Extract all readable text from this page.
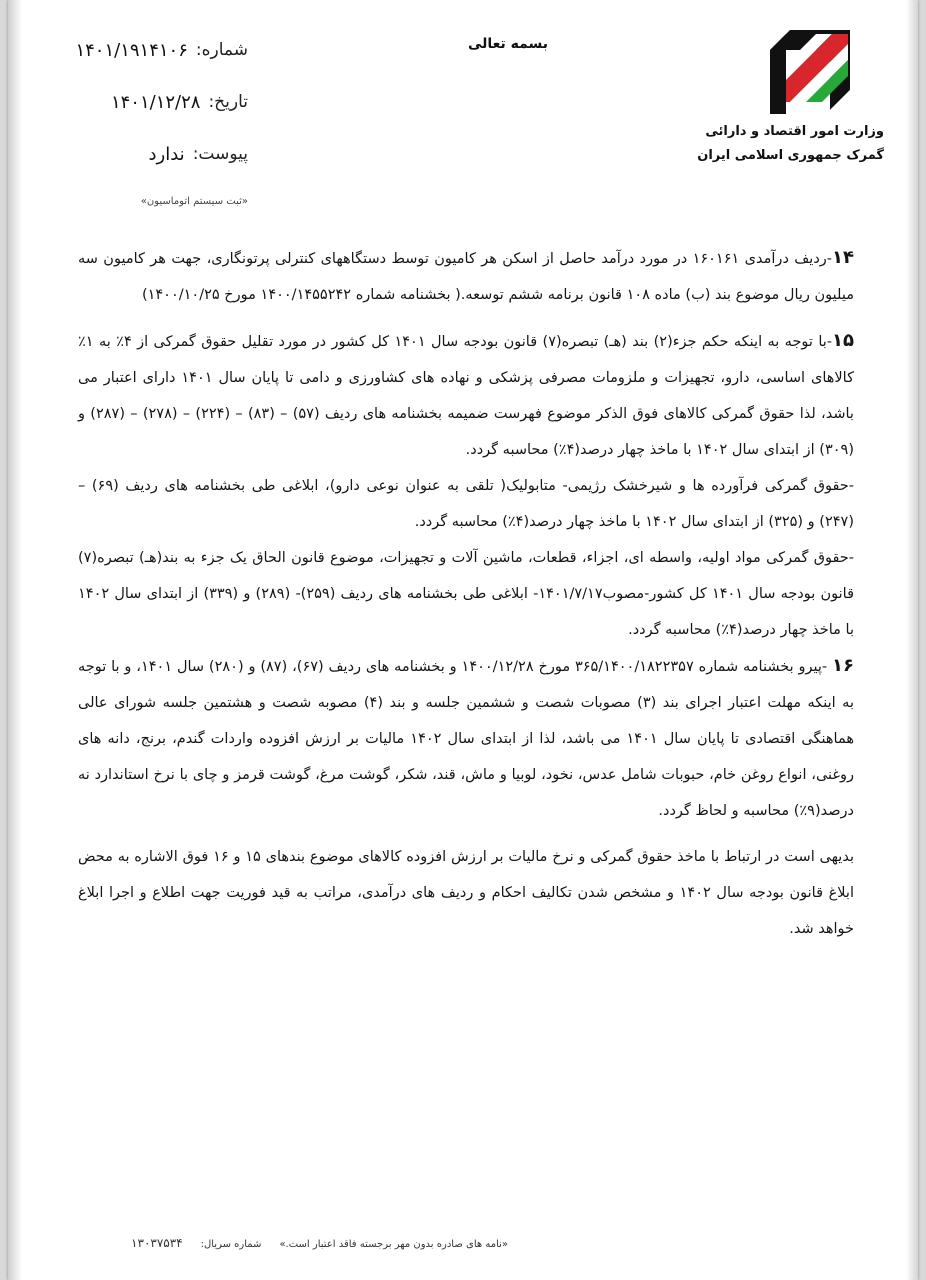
بسمه تعالی
وزارت امور اقتصاد و دارائی
گمرک جمهوری اسلامی ایران
شماره:
۱۴۰۱/۱۹۱۴۱۰۶
تاریخ:
۱۴۰۱/۱۲/۲۸
پیوست:
ندارد
«ثبت سیستم اتوماسیون»

۱۴-ردیف درآمدی ۱۶۰۱۶۱ در مورد درآمد حاصل از اسکن هر کامیون توسط دستگاههای کنترلی پرتونگاری، جهت هر کامیون سه میلیون ریال موضوع بند (ب) ماده ۱۰۸ قانون برنامه ششم توسعه.( بخشنامه شماره ۱۴۰۰/۱۴۵۵۲۴۲ مورخ ۱۴۰۰/۱۰/۲۵)

۱۵-با توجه به اینکه حکم جزء(۲) بند (هـ) تبصره(۷) قانون بودجه سال ۱۴۰۱ کل کشور در مورد تقلیل حقوق گمرکی از ۴٪ به ۱٪ کالاهای اساسی، دارو، تجهیزات و ملزومات مصرفی پزشکی و نهاده های کشاورزی و دامی تا پایان سال ۱۴۰۱ دارای اعتبار می باشد، لذا حقوق گمرکی کالاهای فوق الذکر موضوع فهرست ضمیمه بخشنامه های ردیف (۵۷) – (۸۳) – (۲۲۴) – (۲۷۸) – (۲۸۷) و (۳۰۹) از ابتدای سال ۱۴۰۲ با ماخذ چهار درصد(۴٪) محاسبه گردد.

-حقوق گمرکی فرآورده ها و شیرخشک رژیمی- متابولیک( تلقی به عنوان نوعی دارو)، ابلاغی طی بخشنامه های ردیف (۶۹) – (۲۴۷) و (۳۲۵) از ابتدای سال ۱۴۰۲ با ماخذ چهار درصد(۴٪) محاسبه گردد.

-حقوق گمرکی مواد اولیه، واسطه ای، اجزاء، قطعات، ماشین آلات و تجهیزات، موضوع قانون الحاق یک جزء به بند(هـ) تبصره(۷) قانون بودجه سال ۱۴۰۱ کل کشور-مصوب۱۴۰۱/۷/۱۷- ابلاغی طی بخشنامه های ردیف (۲۵۹)- (۲۸۹) و (۳۳۹) از ابتدای سال ۱۴۰۲ با ماخذ چهار درصد(۴٪) محاسبه گردد.

۱۶ -پیرو بخشنامه شماره ۳۶۵/۱۴۰۰/۱۸۲۲۳۵۷ مورخ ۱۴۰۰/۱۲/۲۸ و بخشنامه های ردیف (۶۷)، (۸۷) و (۲۸۰) سال ۱۴۰۱، و با توجه به اینکه مهلت اعتبار اجرای بند (۳) مصوبات شصت و ششمین جلسه و بند (۴) مصوبه شصت و هشتمین جلسه شورای عالی هماهنگی اقتصادی تا پایان سال ۱۴۰۱ می باشد، لذا از ابتدای سال ۱۴۰۲ مالیات بر ارزش افزوده واردات گندم، برنج، دانه های روغنی، انواع روغن خام، حبوبات شامل عدس، نخود، لوبیا و ماش، قند، شکر، گوشت مرغ، گوشت قرمز و چای با نرخ استاندارد نه درصد(۹٪) محاسبه و لحاظ گردد.

بدیهی است در ارتباط با ماخذ حقوق گمرکی و نرخ مالیات بر ارزش افزوده کالاهای موضوع بندهای ۱۵ و ۱۶ فوق الاشاره به محض ابلاغ قانون بودجه سال ۱۴۰۲ و مشخص شدن تکالیف احکام و ردیف های درآمدی، مراتب به قید فوریت جهت اطلاع و اجرا ابلاغ خواهد شد.

«نامه های صادره بدون مهر برجسته فاقد اعتبار است.»
شماره سریال:
۱۳۰۳۷۵۳۴
